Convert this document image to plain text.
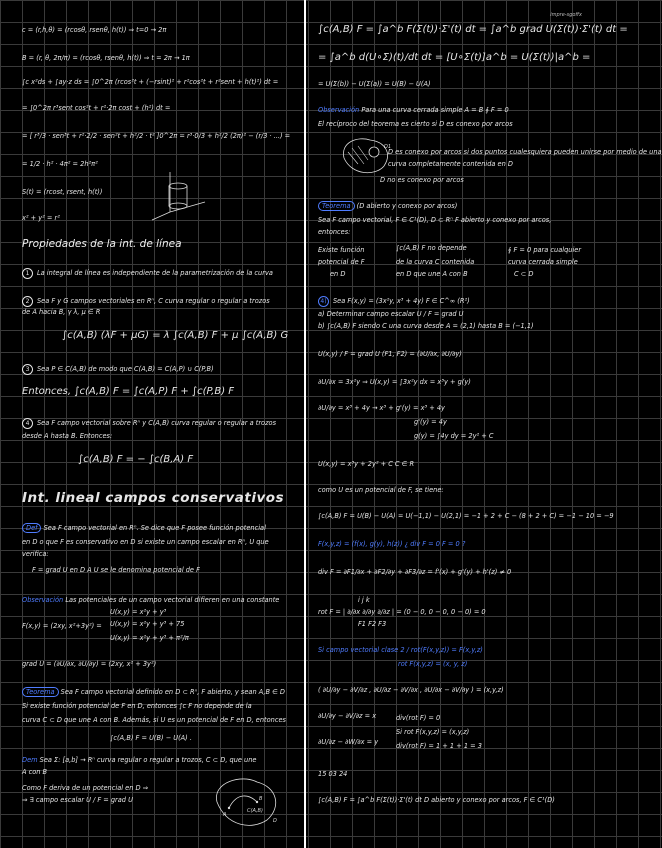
impre-sgoffx
c = (r,h,θ) = (rcosθ, rsenθ, h(t)) ⇒ t=0 → 2π
B = (r, θ, 2π/π) = (rcosθ, rsenθ, h(t)) ⇒ t = 2π → 1π
∫c x²ds + ∫ay·z ds = ∫0^2π (rcos²t + (−rsint)² + r²cos²t + r²sent + h(t)²) dt =
= ∫0^2π r³sent cos²t + r²·2π cost + (h²) dt =
= [ r³/3 · sen³t + r²·2/2 · sen²t + h²/2 · t² ]0^2π = r³·0/3 + h²/2 (2π)² − (r/3 · ...) =
= 1/2 · h² · 4π² = 2h²π²
S(t) = (rcost, rsent, h(t))
x² + y² = r²
Propiedades de la int. de línea
1 La integral de línea es independiente de la parametrización de la curva
2 Sea F y G campos vectoriales en Rⁿ, C curva regular o regular a trozos
de A hacia B, γ λ, μ ∈ R
∫c(A,B) (λF + μG) = λ ∫c(A,B) F + μ ∫c(A,B) G
3 Sea P ∈ C(A,B) de modo que C(A,B) = C(A,P) ∪ C(P,B)
Entonces, ∫c(A,B) F = ∫c(A,P) F + ∫c(P,B) F
4 Sea F campo vectorial sobre Rⁿ y C(A,B) curva regular o regular a trozos
desde A hasta B. Entonces:
∫c(A,B) F = − ∫c(B,A) F
Int. lineal campos conservativos
Def Sea F campo vectorial en Rⁿ. Se dice que F posee función potencial
en D o que F es conservativo en D si existe un campo escalar en Rⁿ, U que
verifica:
F = grad U en D A U se le denomina potencial de F
Observación Las potenciales de un campo vectorial difieren en una constante
F(x,y) = (2xy, x²+3y²) =
U(x,y) = x²y + y³
U(x,y) = x²y + y³ + 75
U(x,y) = x²y + y³ + π²/π
grad U = (∂U/∂x, ∂U/∂y) = (2xy, x² + 3y²)
Teorema Sea F campo vectorial definido en D ⊂ Rⁿ, F abierto, y sean A,B ∈ D
Si existe función potencial de F en D, entonces ∫c F no depende de la
curva C ⊂ D que une A con B. Además, si U es un potencial de F en D, entonces
∫c(A,B) F = U(B) − U(A) .
Dem Sea Σ: [a,b] → Rⁿ curva regular o regular a trozos, C ⊂ D, que une
A con B
Como F deriva de un potencial en D ⇒
⇒ ∃ campo escalar U / F = grad U
A
B
C(A,B)
D
∫c(A,B) F = ∫a^b F(Σ(t))·Σ'(t) dt = ∫a^b grad U(Σ(t))·Σ'(t) dt =
= ∫a^b d(U∘Σ)(t)/dt dt = [U∘Σ(t)]a^b = U(Σ(t))|a^b =
= U(Σ(b)) − U(Σ(a)) = U(B) − U(A)
Observación Para una curva cerrada simple A = B ∮ F = 0
El recíproco del teorema es cierto si D es conexo por arcos
D es conexo por arcos si dos puntos cualesquiera pueden unirse por medio de una
curva completamente contenida en D
D no es conexo por arcos
D1
Teorema (D abierto y conexo por arcos)
Sea F campo vectorial, F ∈ C¹(D), D ⊂ Rⁿ F abierto y conexo por arcos,
entonces:
Existe función
potencial de F
en D
∫c(A,B) F no depende
de la curva C contenida
en D que une A con B
∮ F = 0 para cualquier
curva cerrada simple
C ⊂ D
4) Sea F(x,y) = (3x²y, x³ + 4y) F ∈ C^∞ (R²)
a) Determinar campo escalar U / F = grad U
b) ∫c(A,B) F siendo C una curva desde A = (2,1) hasta B = (−1,1)
U(x,y) / F = grad U (F1, F2) = (∂U/∂x, ∂U/∂y)
∂U/∂x = 3x²y ⇒ U(x,y) = ∫3x²y dx = x³y + g(y)
∂U/∂y = x³ + 4y → x³ + g'(y) = x³ + 4y
g'(y) = 4y
g(y) = ∫4y dy = 2y² + C
U(x,y) = x³y + 2y² + C C ∈ R
como U es un potencial de F, se tiene:
∫c(A,B) F = U(B) − U(A) = U(−1,1) − U(2,1) = −1 + 2 + C − (8 + 2 + C) = −1 − 10 = −9
F(x,y,z) = (f(x), g(y), h(z)) ¿ div F = 0 F = 0 ?
div F = ∂F1/∂x + ∂F2/∂y + ∂F3/∂z = f'(x) + g'(y) + h'(z) ≠ 0
i j k
rot F = | ∂/∂x ∂/∂y ∂/∂z | = (0 − 0, 0 − 0, 0 − 0) = 0
F1 F2 F3
Si campo vectorial clase 2 / rot(F(x,y,z)) = F(x,y,z)
rot F(x,y,z) = (x, y, z)
( ∂U/∂y − ∂V/∂z , ∂U/∂z − ∂V/∂x , ∂U/∂x − ∂V/∂y ) = (x,y,z)
∂U/∂y − ∂V/∂z = x
∂U/∂z − ∂W/∂x = y
div(rot F) = 0
Si rot F(x,y,z) = (x,y,z)
div(rot F) = 1 + 1 + 1 = 3
15 03 24
∫c(A,B) F = ∫a^b F(Σ(t))·Σ'(t) dt D abierto y conexo por arcos, F ∈ C¹(D)
